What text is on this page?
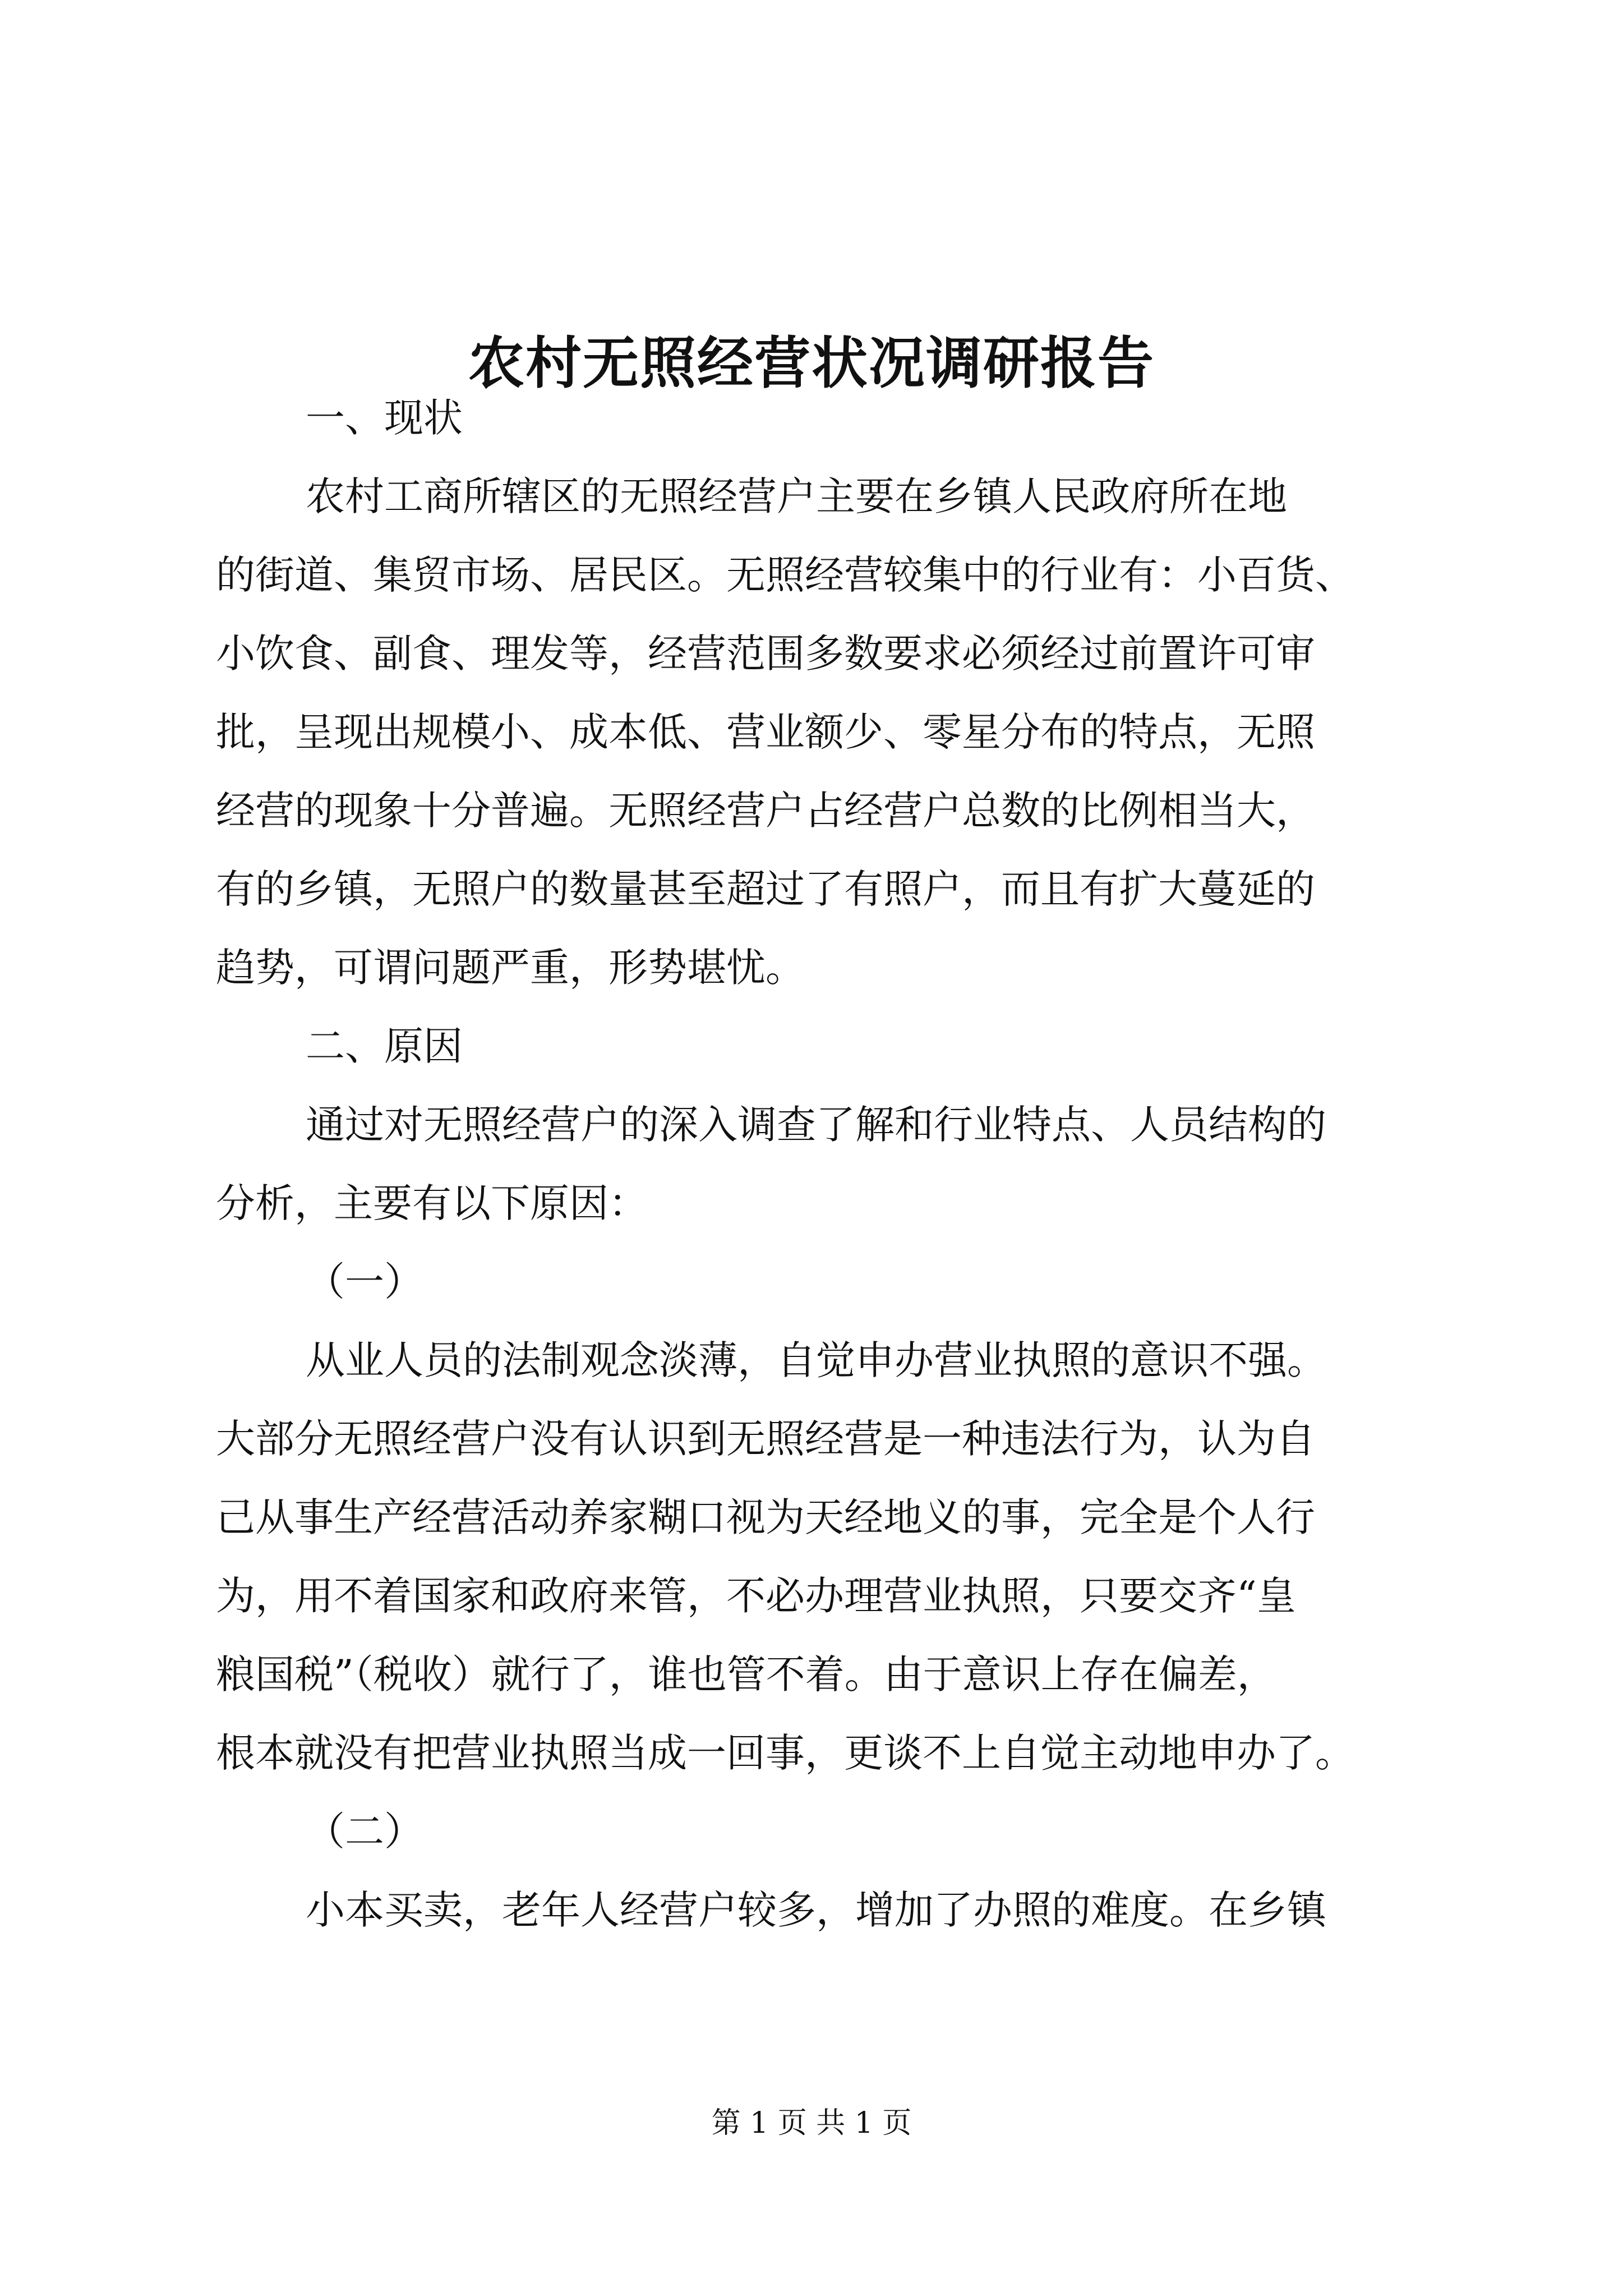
农村无照经营状况调研报告

一、现状

农村工商所辖区的无照经营户主要在乡镇人民政府所在地

的街道、集贸市场、居民区。无照经营较集中的行业有：小百货、

小饮食、副食、理发等，经营范围多数要求必须经过前置许可审

批，呈现出规模小、成本低、营业额少、零星分布的特点，无照

经营的现象十分普遍。无照经营户占经营户总数的比例相当大，

有的乡镇，无照户的数量甚至超过了有照户，而且有扩大蔓延的

趋势，可谓问题严重，形势堪忧。

二、原因

通过对无照经营户的深入调查了解和行业特点、人员结构的

分析，主要有以下原因：

（一）

从业人员的法制观念淡薄，自觉申办营业执照的意识不强。

大部分无照经营户没有认识到无照经营是一种违法行为，认为自

己从事生产经营活动养家糊口视为天经地义的事，完全是个人行

为，用不着国家和政府来管，不必办理营业执照，只要交齐“皇

粮国税”（税收）就行了，谁也管不着。由于意识上存在偏差，

根本就没有把营业执照当成一回事，更谈不上自觉主动地申办了。

（二）

小本买卖，老年人经营户较多，增加了办照的难度。在乡镇

第 1 页 共 1 页
